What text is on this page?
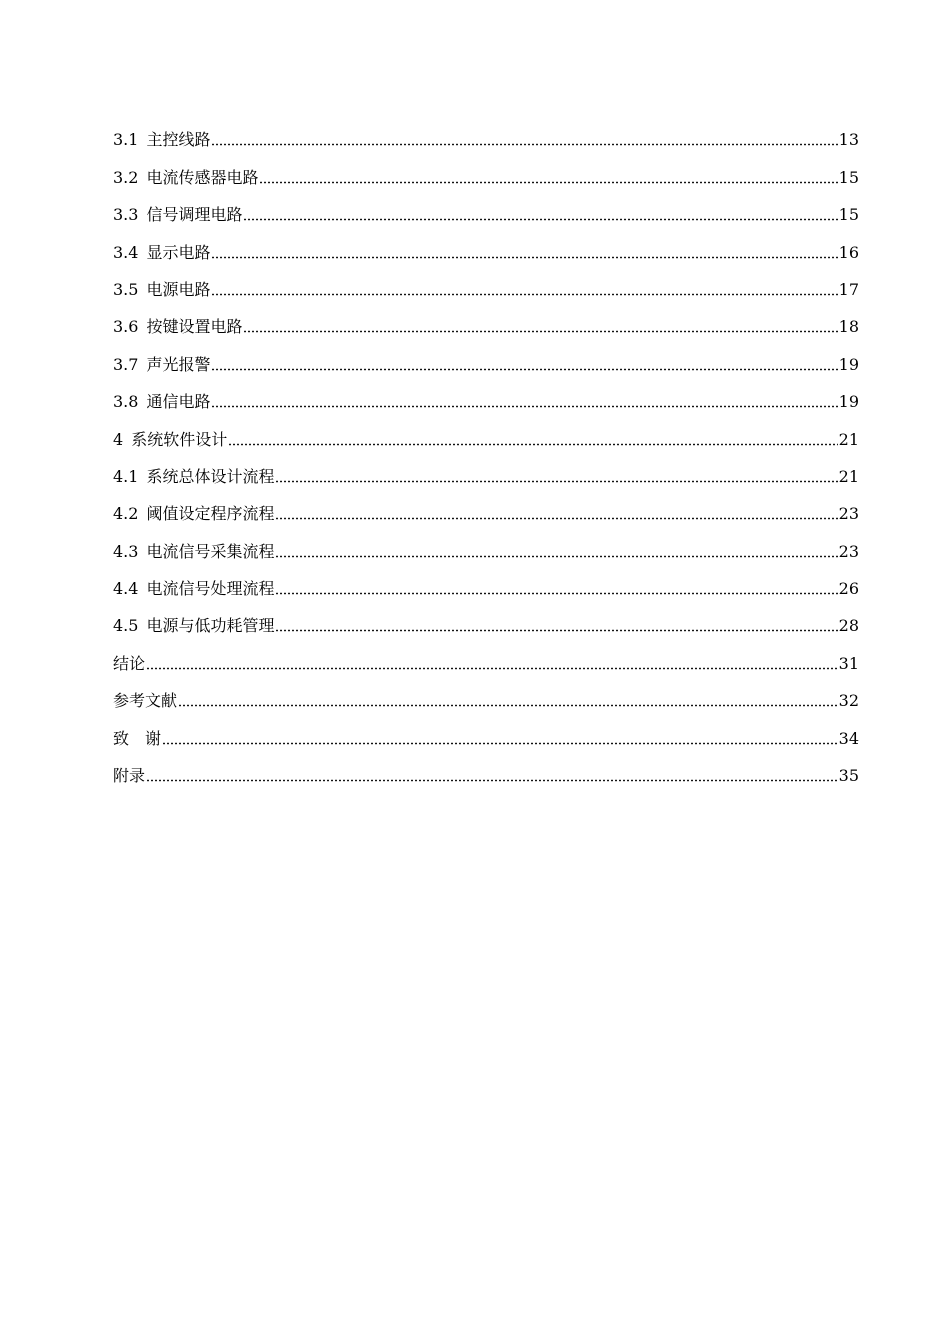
3.1 主控线路	13
3.2 电流传感器电路	15
3.3 信号调理电路	15
3.4 显示电路	16
3.5 电源电路	17
3.6 按键设置电路	18
3.7 声光报警	19
3.8 通信电路	19
4 系统软件设计	21
4.1 系统总体设计流程	21
4.2 阈值设定程序流程	23
4.3 电流信号采集流程	23
4.4 电流信号处理流程	26
4.5 电源与低功耗管理	28
结论	31
参考文献	32
致　谢	34
附录	35
